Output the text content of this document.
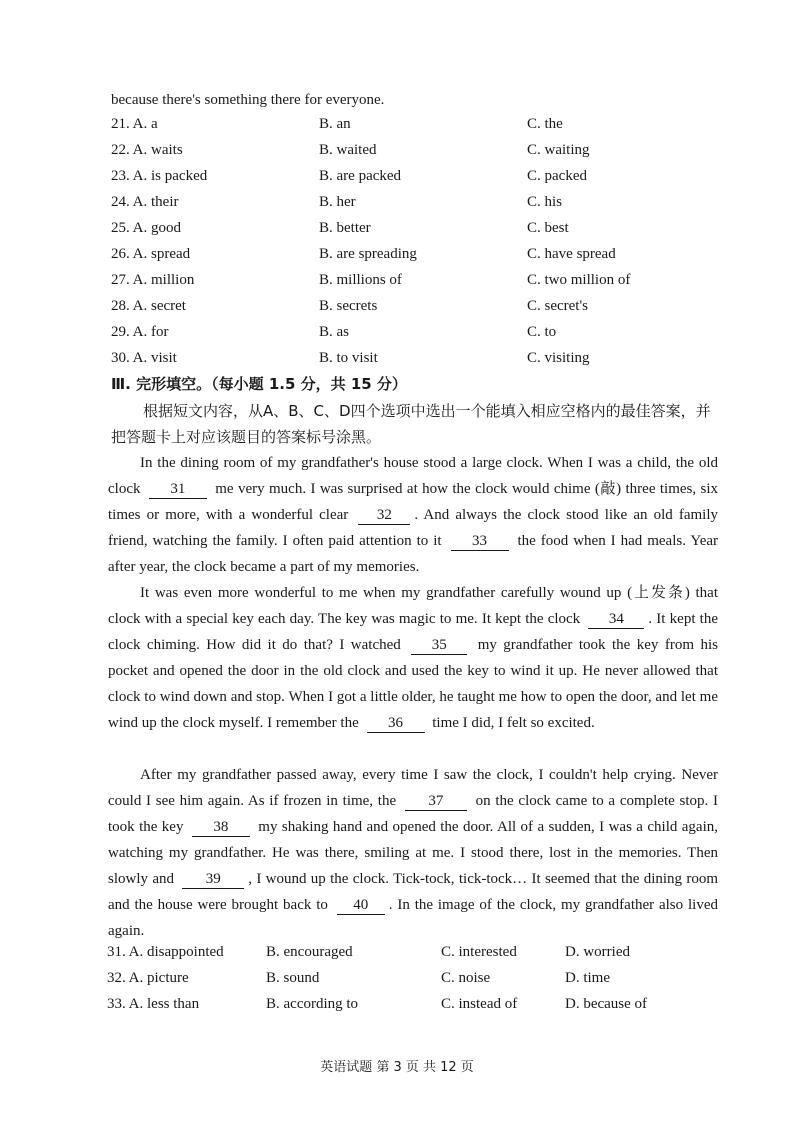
because there's something there for everyone.
21. A. a	B. an	C. the
22. A. waits	B. waited	C. waiting
23. A. is packed	B. are packed	C. packed
24. A. their	B. her	C. his
25. A. good	B. better	C. best
26. A. spread	B. are spreading	C. have spread
27. A. million	B. millions of	C. two million of
28. A. secret	B. secrets	C. secret's
29. A. for	B. as	C. to
30. A. visit	B. to visit	C. visiting
Ⅲ. 完形填空。（每小题 1.5 分，共 15 分）
根据短文内容，从A、B、C、D四个选项中选出一个能填入相应空格内的最佳答案，并把答题卡上对应该题目的答案标号涂黑。
In the dining room of my grandfather's house stood a large clock. When I was a child, the old clock 31 me very much. I was surprised at how the clock would chime (敲) three times, six times or more, with a wonderful clear 32 . And always the clock stood like an old family friend, watching the family. I often paid attention to it 33 the food when I had meals. Year after year, the clock became a part of my memories.
It was even more wonderful to me when my grandfather carefully wound up (上发条) that clock with a special key each day. The key was magic to me. It kept the clock 34 . It kept the clock chiming. How did it do that? I watched 35 my grandfather took the key from his pocket and opened the door in the old clock and used the key to wind it up. He never allowed that clock to wind down and stop. When I got a little older, he taught me how to open the door, and let me wind up the clock myself. I remember the 36 time I did, I felt so excited.
After my grandfather passed away, every time I saw the clock, I couldn't help crying. Never could I see him again. As if frozen in time, the 37 on the clock came to a complete stop. I took the key 38 my shaking hand and opened the door. All of a sudden, I was a child again, watching my grandfather. He was there, smiling at me. I stood there, lost in the memories. Then slowly and 39 , I wound up the clock. Tick-tock, tick-tock… It seemed that the dining room and the house were brought back to 40 . In the image of the clock, my grandfather also lived again.
31. A. disappointed	B. encouraged	C. interested	D. worried
32. A. picture	B. sound	C. noise	D. time
33. A. less than	B. according to	C. instead of	D. because of
英语试题 第 3 页 共 12 页
